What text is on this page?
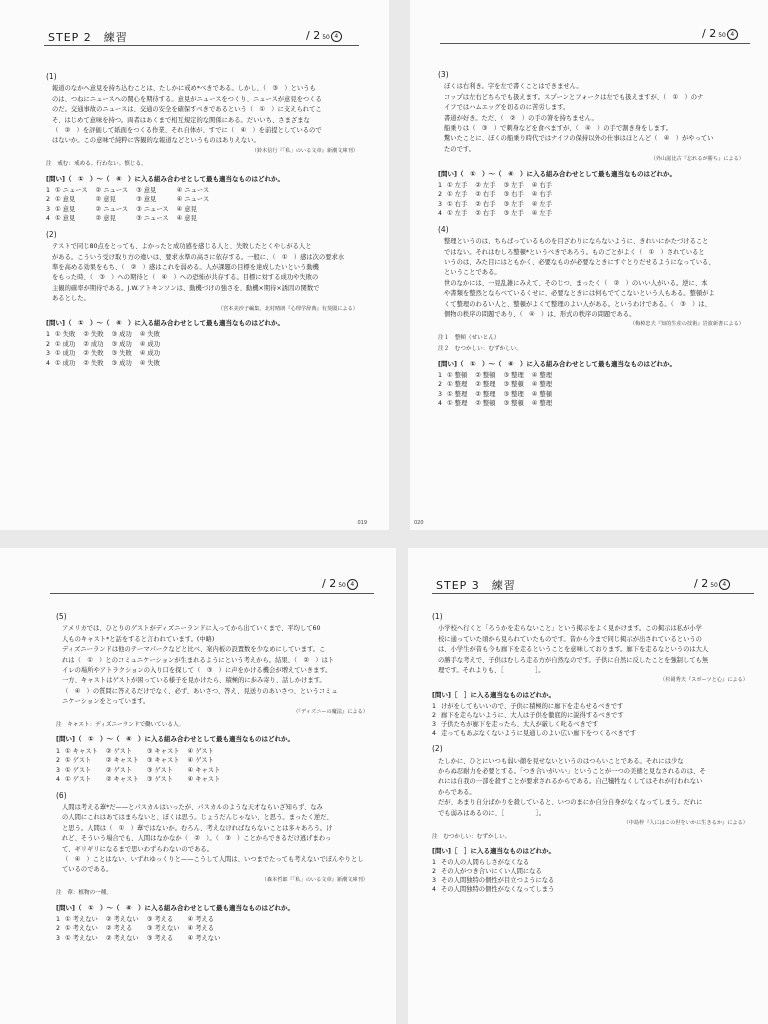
STEP 2　練習	/ 2 50 4
(1)

報道のなかへ意見を持ち込むことは、たしかに戒め*べきである。しかし、（　③　）というも

のは、つねにニュースへの関心を期待する。意見がニュースをつくり、ニュースが意見をつくる

のだ。交通事故のニュースは、交通の安全を確保すべきであるという（　①　）に支えられてこ

そ、はじめて意味を持つ。両者はあくまで相互規定的な関係にある。だいいち、さまざまな

（　②　）を評価して紙面をつくる作業、それ自体が、すでに（　④　）を前提としているので

はないか。この意味で純粋に客観的な報道などというものはありえない。

（鈴木信行『「私」のいる文章』新潮文庫刊）
注　戒む：戒める。行わない。慎じる。
[問い]（　①　）〜（　④　）に入る組み合わせとして最も適当なものはどれか。
1	① ニュース	② ニュース	③ 意見	④ ニュース
2	① 意見	② 意見	③ 意見	④ ニュース
3	① 意見	② ニュース	③ ニュース	④ 意見
4	① 意見	② 意見	③ ニュース	④ 意見
(2)

テストで同じ80点をとっても、よかったと成功感を感じる人と、失敗したとくやしがる人と

がある。こういう受け取り方の違いは、要求水準の高さに依存する。一般に、（　①　）感は次の要求水

準を高める効果をもち、（　②　）感はこれを弱める。人が課題の目標を達成したいという動機

をもった時、（　③　）への期待と（　④　）への恐怖が共存する。目標に対する成功や失敗の

主観的確率が期待である。J.W.アトキンソンは、動機づけの強さを、動機×期待×誘因の関数で

あるとした。

（宮本美沙子編集、北村晴朗『心理学辞典』有斐閣による）
[問い]（　①　）〜（　④　）に入る組み合わせとして最も適当なものはどれか。
1	① 失敗	② 失敗	③ 成功	④ 失敗
2	① 成功	② 成功	③ 成功	④ 成功
3	① 成功	② 失敗	③ 失敗	④ 成功
4	① 成功	② 失敗	③ 成功	④ 失敗
019
/ 2 50 4
(3)

ぼくは右利き。字を左で書くことはできません。

コップは左右どちらでも扱えます。スプーンとフォークは左でも扱えますが、（　①　）のナ

イフではハムエッグを切るのに苦労します。

書道が好き。ただ、（　②　）の手の箸を持ちません。

船乗りは（　③　）で刺身などを食べますが、（　④　）の手で割き身をします。

驚いたことに、ぼくの船乗り時代ではナイフの保持以外の仕事はほとんど（　④　）がやってい

たのです。

（外山滋比古『忘れるが勝ち』による）
[問い]（　①　）〜（　④　）に入る組み合わせとして最も適当なものはどれか。
1	① 左手	② 左手	③ 左手	④ 右手
2	① 左手	② 右手	③ 右手	④ 右手
3	① 右手	② 右手	③ 左手	④ 左手
4	① 左手	② 右手	③ 左手	④ 左手
(4)

整理というのは、ちらばっているものを目ざわりにならないように、きれいにかたづけること

ではない。それはむしろ整頓*というべきであろう。ものごとがよく（　①　）されていると

いうのは、みた目にはともかく、必要なものが必要なときにすぐとりだせるようになっている、

ということである。

世のなかには、一見乱雑にみえて、そのじつ、まったく（　②　）のいい人がいる。逆に、本

や書類を整然とならべているくせに、必要なときには何もでてこないという人もある。整頓がよ

くて整理のわるい人と、整頓がよくて整理のよい人がある。というわけである。（　③　）は、

個物の秩序の問題であり、（　④　）は、形式の秩序の問題である。

（梅棹忠夫『知的生産の技術』岩波新書による）
注１　整頓（せいとん）
注２　むつかしい：むずかしい。
[問い]（　①　）〜（　④　）に入る組み合わせとして最も適当なものはどれか。
1	① 整頓	② 整頓	③ 整理	④ 整理
2	① 整理	② 整理	③ 整頓	④ 整理
3	① 整理	② 整理	③ 整理	④ 整頓
4	① 整理	② 整頓	③ 整頓	④ 整理
020
/ 2 50 4
(5)

アメリカでは、ひとりのゲストがディズニーランドに入ってから出ていくまで、平均して60

人ものキャスト*と話をすると言われています。(中略)

ディズニーランドは他のテーマパークなどと比べ、案内板の設置数を少なめにしています。こ

れは（　①　）とのコミュニケーションが生まれるようにという考えから。結果、（　②　）はト

イレの場所やアトラクションの入り口を探して（　③　）に声をかける機会が増えていきます。

一方、キャストはゲストが困っている様子を見かけたら、積極的に歩み寄り、話しかけます。

（　④　）の質問に答えるだけでなく、必ず、あいさつ、答え、見送りのあいさつ、というコミュ

ニケーションをとっています。

（『ディズニーの魔法』による）
注　キャスト：ディズニーランドで働いている人。
[問い]（　①　）〜（　④　）に入る組み合わせとして最も適当なものはどれか。
1	① キャスト	② ゲスト	③ キャスト	④ ゲスト
2	① ゲスト	② キャスト	③ キャスト	④ ゲスト
3	① ゲスト	② ゲスト	③ ゲスト	④ キャスト
4	① ゲスト	② キャスト	③ ゲスト	④ キャスト
(6)

人間は考える葦*だ——とパスカルはいったが、パスカルのような天才ならいざ知らず、なみ

の人間にこれはあてはまらないと、ぼくは思う。じょうだんじゃない、と思う。まったく逆だ、

と思う。人間は（　①　）葦ではないか。むろん、考えなければならないことは多々あろう。け

れど、そういう場合でも、人間はなかなか（　②　）。（　③　）ことからできるだけ逃げまわっ

て、ギリギリになるまで思いわずらわないのである。

（　④　）ことはない、いずれゆっくりと——こうして人間は、いつまでたっても考えないでぼんやりとし

ているのである。

（森本哲郎『「私」のいる文章』新潮文庫刊）
注　葦：植物の一種。
[問い]（　①　）〜（　④　）に入る組み合わせとして最も適当なものはどれか。
1	① 考えない	② 考えない	③ 考える	④ 考える
2	① 考えない	② 考える	③ 考えない	④ 考える
3	① 考えない	② 考えない	③ 考える	④ 考えない
STEP 3　練習	/ 2 50 4
(1)

小学校へ行くと「ろうかを走らないこと」という掲示をよく見かけます。この掲示は私が小学

校に通っていた頃から見られていたものです。昔から今まで同じ掲示が出されているというの

は、小学生が昔も今も廊下を走るということを意味しております。廊下を走るなというのは大人

の勝手な考えで、子供はむしろ走る方が自然なのです。子供に自然に反したことを強制しても無

理です。それよりも、［　　　　　］。

（杉岡秀夫『スポーツと心』による）
[問い]［　］に入る適当なものはどれか。
1 けがをしてもいいので、子供に積極的に廊下を走らせるべきです
2 廊下を走らないように、大人は子供を徹底的に説得するべきです
3 子供たちが廊下を走ったら、大人が厳しく叱るべきです
4 走ってもあぶなくないように見通しのよい広い廊下をつくるべきです
(2)

たしかに、ひとにいつも弱い顔を見せないというのはつらいことである。それには少な

からぬ忍耐力を必要とする。「つき合いがいい」ということが一つの美徳と見なされるのは、そ

れには自我の一部を殺すことが要求されるからである。自己犠牲なくしてはそれが行われない

からである。

だが、あまり自分ばかりを殺していると、いつのまにか自分自身がなくなってしまう。だれに

でも弱みはあるのに、［　　　　　］。

（中島梓『人にはこの世をいかに生きるか』による）
注　むつかしい：むずかしい。
[問い]［　］に入る適当なものはどれか。
1 その人の人間らしさがなくなる
2 その人がつき合いにくい人間になる
3 その人間独特の個性が目立つようになる
4 その人間独特の個性がなくなってしまう
